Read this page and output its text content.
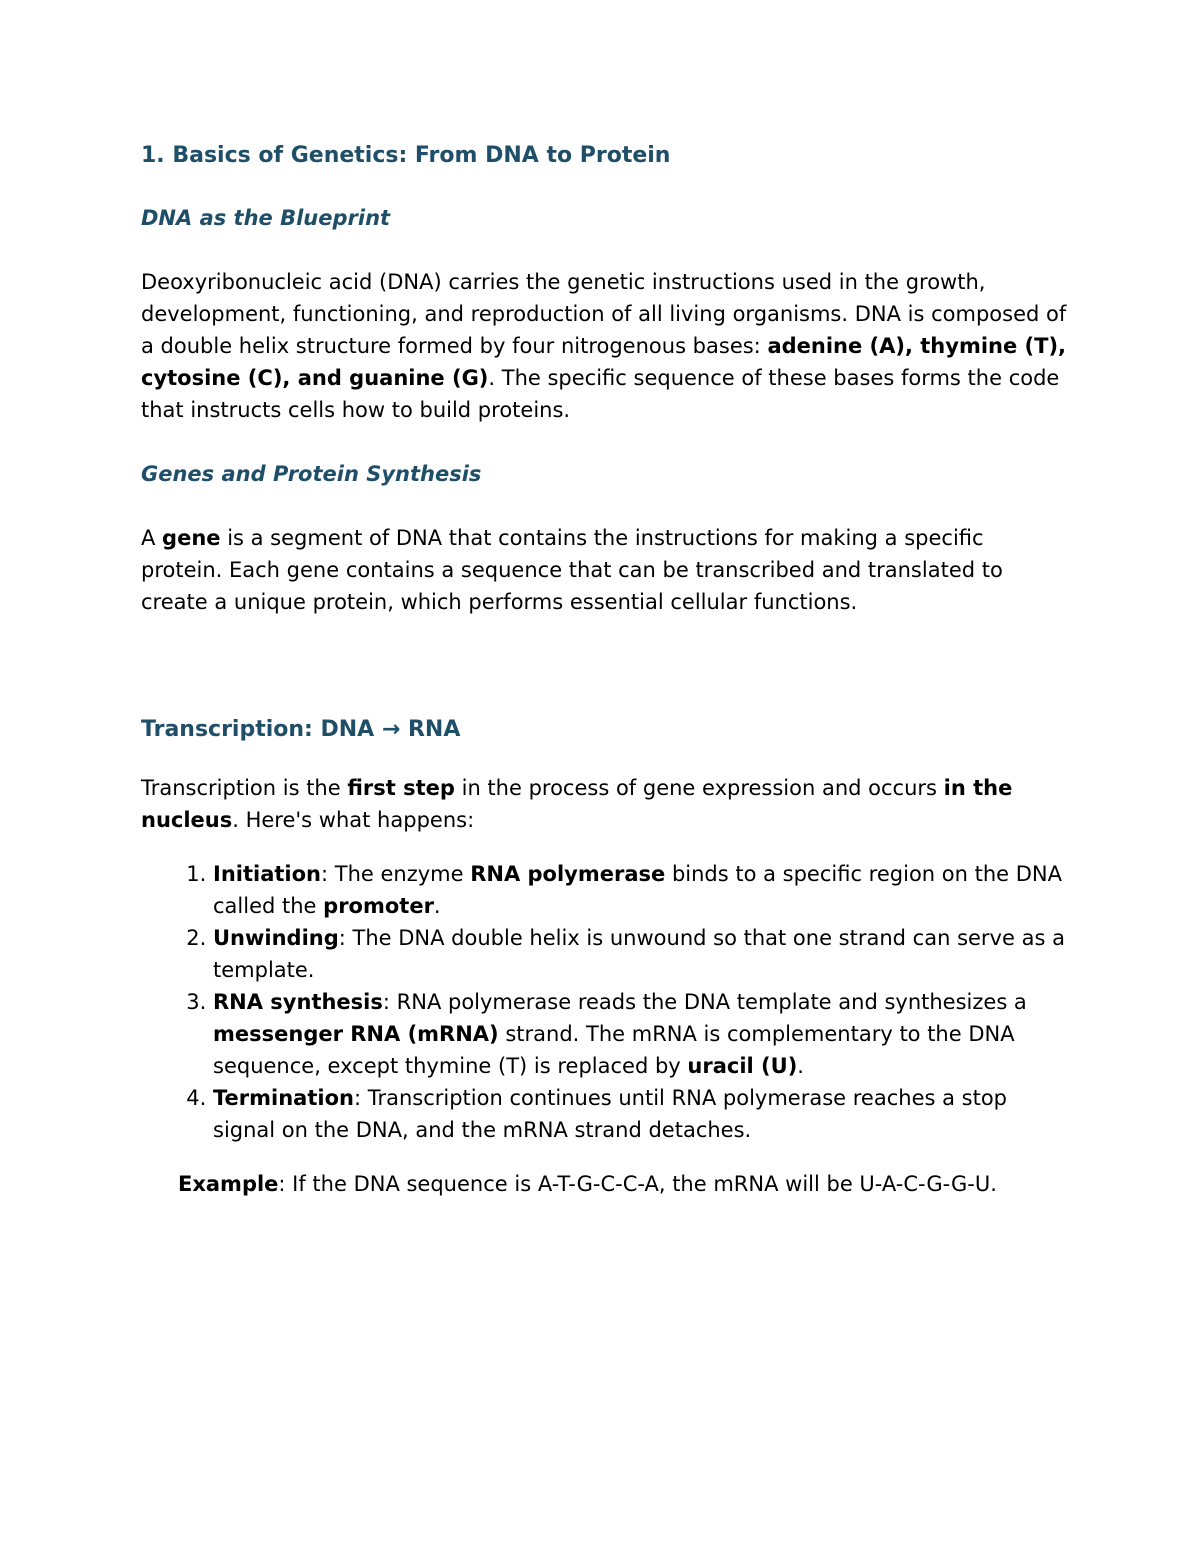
1. Basics of Genetics: From DNA to Protein
DNA as the Blueprint

Deoxyribonucleic acid (DNA) carries the genetic instructions used in the growth, development, functioning, and reproduction of all living organisms. DNA is composed of a double helix structure formed by four nitrogenous bases: adenine (A), thymine (T), cytosine (C), and guanine (G). The specific sequence of these bases forms the code that instructs cells how to build proteins.

Genes and Protein Synthesis

A gene is a segment of DNA that contains the instructions for making a specific protein. Each gene contains a sequence that can be transcribed and translated to create a unique protein, which performs essential cellular functions.

Transcription: DNA → RNA

Transcription is the first step in the process of gene expression and occurs in the nucleus. Here's what happens:

1. Initiation: The enzyme RNA polymerase binds to a specific region on the DNA called the promoter.
2. Unwinding: The DNA double helix is unwound so that one strand can serve as a template.
3. RNA synthesis: RNA polymerase reads the DNA template and synthesizes a messenger RNA (mRNA) strand. The mRNA is complementary to the DNA sequence, except thymine (T) is replaced by uracil (U).
4. Termination: Transcription continues until RNA polymerase reaches a stop signal on the DNA, and the mRNA strand detaches.

Example: If the DNA sequence is A-T-G-C-C-A, the mRNA will be U-A-C-G-G-U.
